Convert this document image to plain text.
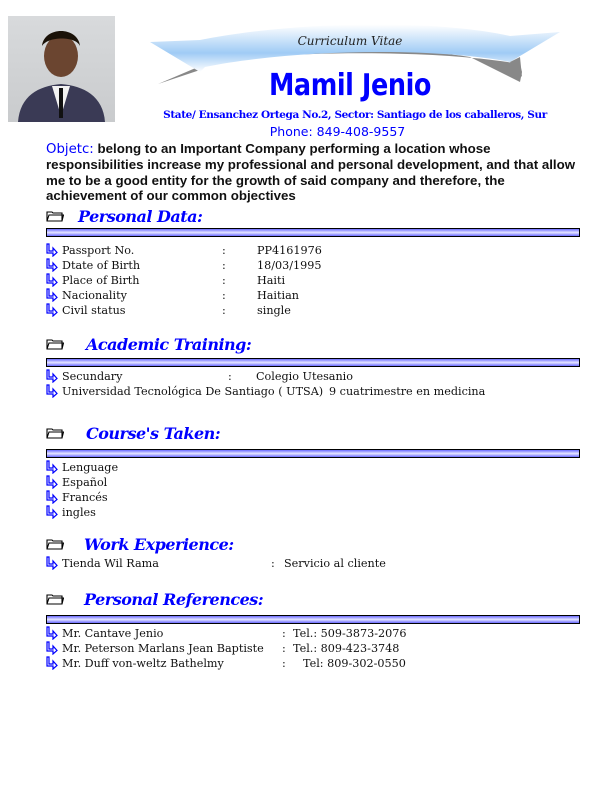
Curriculum Vitae
Mamil Jenio
State/ Ensanchez Ortega No.2, Sector: Santiago de los caballeros, Sur
Phone: 849-408-9557
Objetc: belong to an Important Company performing a location whose responsibilities increase my professional and personal development, and that allow me to be a good entity for the growth of said company and therefore, the achievement of our common objectives
Personal Data:
Passport No.	:	PP4161976
Dtate of Birth	:	18/03/1995
Place of Birth	:	Haiti
Nacionality	:	Haitian
Civil status	:	single
Academic Training:
Secundary	: Colegio Utesanio
Universidad Tecnológica De Santiago ( UTSA) 9 cuatrimestre en medicina
Course's Taken:
Lenguage
Español
Francés
ingles
Work Experience:
Tienda Wil Rama	: Servicio al cliente
Personal References:
Mr. Cantave Jenio	: Tel.: 509-3873-2076
Mr. Peterson Marlans Jean Baptiste : Tel.: 809-423-3748
Mr. Duff von-weltz Bathelmy	: Tel: 809-302-0550
